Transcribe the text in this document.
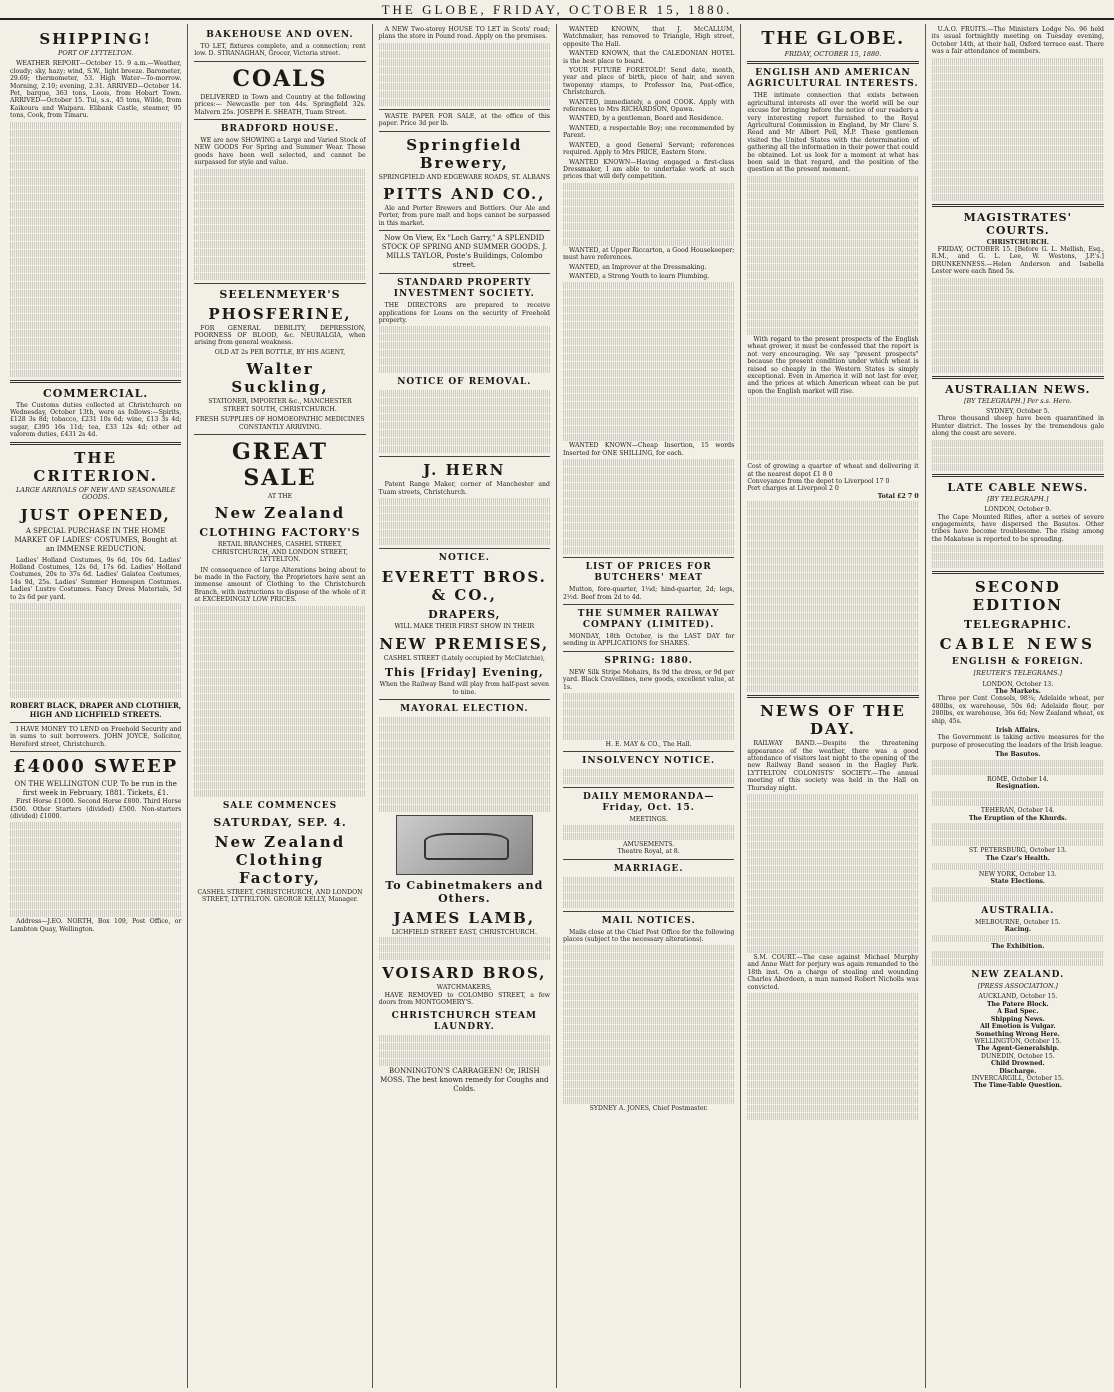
THE GLOBE, FRIDAY, OCTOBER 15, 1880.
SHIPPING!
PORT OF LYTTELTON.

WEATHER REPORT—October 15. 9 a.m.—Weather, cloudy; sky, hazy; wind, S.W., light breeze. Barometer, 29.69; thermometer, 53. High Water—To-morrow. Morning, 2.10; evening, 2.31. ARRIVED—October 14. Pet, barque, 363 tons, Loois, from Hobart Town. ARRIVED—October 15. Tui, s.s., 45 tons, Wilde, from Kaikoura and Waipara. Elibank Castle, steamer, 95 tons, Cook, from Timaru.

COMMERCIAL.

The Customs duties collected at Christchurch on Wednesday, October 13th, were as follows:—Spirits, £128 3s 8d; tobacco, £231 10s 6d; wine, £13 3s 4d; sugar, £395 16s 11d; tea, £33 12s 4d; other ad valorem duties, £431 2s 4d.

THE CRITERION.
LARGE ARRIVALS OF NEW AND SEASONABLE GOODS.
JUST OPENED,
A SPECIAL PURCHASE IN THE HOME MARKET OF LADIES' COSTUMES, Bought at an IMMENSE REDUCTION.

Ladies' Holland Costumes, 9s 6d, 10s 6d. Ladies' Holland Costumes, 12s 6d, 17s 6d. Ladies' Holland Costumes, 20s to 37s 6d. Ladies' Galatea Costumes, 14s 9d, 25s. Ladies' Summer Homespun Costumes. Ladies' Lustre Costumes. Fancy Dress Materials, 5d to 2s 6d per yard.

ROBERT BLACK, DRAPER AND CLOTHIER, HIGH AND LICHFIELD STREETS.

I HAVE MONEY TO LEND on Freehold Security and in sums to suit borrowers. JOHN JOYCE, Solicitor, Hereford street, Christchurch.

£4000 SWEEP
ON THE WELLINGTON CUP, To be run in the first week in February, 1881. Tickets, £1.

First Horse £1000. Second Horse £800. Third Horse £500. Other Starters (divided) £500. Non-starters (divided) £1000.

Address—J.EO. NORTH, Box 109, Post Office, or Lambton Quay, Wellington.

BAKEHOUSE AND OVEN.

TO LET, fixtures complete, and a connection; rent low. D. STRANAGHAN, Grocer, Victoria street.

COALS

DELIVERED in Town and Country at the following prices:— Newcastle per ton 44s. Springfield 32s. Malvern 25s. JOSEPH E. SHEATH, Tuam Street.

BRADFORD HOUSE.

WE are now SHOWING a Large and Varied Stock of NEW GOODS For Spring and Summer Wear. Those goods have been well selected, and cannot be surpassed for style and value.

SEELENMEYER'S
PHOSFERINE,

FOR GENERAL DEBILITY, DEPRESSION, POORNESS OF BLOOD, &c. NEURALGIA, when arising from general weakness.

OLD AT 2s PER BOTTLE, BY HIS AGENT,
Walter Suckling,
STATIONER, IMPORTER &c., MANCHESTER STREET SOUTH, CHRISTCHURCH.
FRESH SUPPLIES OF HOMOEOPATHIC MEDICINES CONSTANTLY ARRIVING.
GREAT SALE
AT THE
New Zealand
CLOTHING FACTORY'S
RETAIL BRANCHES, CASHEL STREET, CHRISTCHURCH, AND LONDON STREET, LYTTELTON.

IN consequence of large Alterations being about to be made in the Factory, the Proprietors have sent an immense amount of Clothing to the Christchurch Branch, with instructions to dispose of the whole of it at EXCEEDINGLY LOW PRICES.

SALE COMMENCES
SATURDAY, SEP. 4.
New Zealand Clothing Factory,
CASHEL STREET, CHRISTCHURCH, AND LONDON STREET, LYTTELTON. GEORGE KELLY, Manager.

A NEW Two-storey HOUSE TO LET in Scots' road; plans the store in Pound road. Apply on the premises.

WASTE PAPER FOR SALE, at the office of this paper. Price 3d per lb.

Springfield Brewery,
SPRINGFIELD AND EDGEWARE ROADS, ST. ALBANS
PITTS AND CO.,

Ale and Porter Brewers and Bottlers. Our Ale and Porter, from pure malt and hops cannot be surpassed in this market.

Now On View, Ex "Loch Garry," A SPLENDID STOCK OF SPRING AND SUMMER GOODS. J. MILLS TAYLOR, Poste's Buildings, Colombo street.
STANDARD PROPERTY INVESTMENT SOCIETY.

THE DIRECTORS are prepared to receive applications for Loans on the security of Freehold property.

NOTICE OF REMOVAL.
J. HERN

Patent Range Maker, corner of Manchester and Tuam streets, Christchurch.

NOTICE.
EVERETT BROS. & CO.,
DRAPERS,
WILL MAKE THEIR FIRST SHOW IN THEIR
NEW PREMISES,
CASHEL STREET (Lately occupied by McClatchie),
This [Friday] Evening,
When the Railway Band will play from half-past seven to nine.
MAYORAL ELECTION.
To Cabinetmakers and Others.
JAMES LAMB,
LICHFIELD STREET EAST, CHRISTCHURCH.
VOISARD BROS,
WATCHMAKERS,

HAVE REMOVED to COLOMBO STREET, a few doors from MONTGOMERY'S.

CHRISTCHURCH STEAM LAUNDRY.
BONNINGTON'S CARRAGEEN! Or, IRISH MOSS. The best known remedy for Coughs and Colds.

WANTED KNOWN, that J. McCALLUM, Watchmaker, has removed to Triangle, High street, opposite The Hall.

WANTED KNOWN, that the CALEDONIAN HOTEL is the best place to board.

YOUR FUTURE FORETOLD! Send date, month, year and place of birth, piece of hair, and seven twopenny stamps, to Professor Ina, Post-office, Christchurch.

WANTED, immediately, a good COOK. Apply with references to Mrs RICHARDSON, Opawa.

WANTED, by a gentleman, Board and Residence.

WANTED, a respectable Boy; one recommended by Parent.

WANTED, a good General Servant; references required. Apply to Mrs PRICE, Eastern Store.

WANTED KNOWN—Having engaged a first-class Dressmaker, I am able to undertake work at such prices that will defy competition.

WANTED, at Upper Riccarton, a Good Housekeeper; must have references.

WANTED, an Improver at the Dressmaking.

WANTED, a Strong Youth to learn Plumbing.

WANTED KNOWN—Cheap Insertion, 15 words Inserted for ONE SHILLING, for each.

LIST OF PRICES FOR BUTCHERS' MEAT

Mutton, fore-quarter, 1¼d; hind-quarter, 2d; legs, 2½d. Beef from 2d to 4d.

THE SUMMER RAILWAY COMPANY (LIMITED).

MONDAY, 18th October, is the LAST DAY for sending in APPLICATIONS for SHARES.

SPRING: 1880.

NEW Silk Stripe Mohairs, 8s 9d the dress, or 9d per yard. Black Cravellines, new goods, excellent value, at 1s.

H. E. MAY & CO., The Hall.
INSOLVENCY NOTICE.
DAILY MEMORANDA—Friday, Oct. 15.
MEETINGS.
AMUSEMENTS.
Theatre Royal, at 8.
MARRIAGE.
MAIL NOTICES.

Mails close at the Chief Post Office for the following places (subject to the necessary alterations).

SYDNEY A. JONES, Chief Postmaster.
THE GLOBE.
FRIDAY, OCTOBER 15, 1880.
ENGLISH AND AMERICAN AGRICULTURAL INTERESTS.

THE intimate connection that exists between agricultural interests all over the world will be our excuse for bringing before the notice of our readers a very interesting report furnished to the Royal Agricultural Commission in England, by Mr Clare S. Read and Mr Albert Pell, M.P. These gentlemen visited the United States with the determination of gathering all the information in their power that could be obtained. Let us look for a moment at what has been said in that regard, and the position of the question at the present moment.

With regard to the present prospects of the English wheat grower, it must be confessed that the report is not very encouraging. We say "present prospects" because the present condition under which wheat is raised so cheaply in the Western States is simply exceptional. Even in America it will not last for ever, and the prices at which American wheat can be put upon the English market will rise.

Cost of growing a quarter of wheat and delivering it at the nearest depot £1 8 0
Conveyance from the depot to Liverpool 17 0
Port charges at Liverpool 2 0
Total £2 7 0
NEWS OF THE DAY.

RAILWAY BAND.—Despite the threatening appearance of the weather, there was a good attendance of visitors last night to the opening of the new Railway Band season in the Hagley Park. LYTTELTON COLONISTS' SOCIETY.—The annual meeting of this society was held in the Hall on Thursday night.

S.M. COURT.—The case against Michael Murphy and Anne Watt for perjury was again remanded to the 18th inst. On a charge of stealing and wounding Charles Aberdeen, a man named Robert Nicholls was convicted.

U.A.O. FRUITS.—The Ministers Lodge No. 96 held its usual fortnightly meeting on Tuesday evening, October 14th, at their hall, Oxford terrace east. There was a fair attendance of members.

MAGISTRATES' COURTS.
CHRISTCHURCH.

FRIDAY, OCTOBER 15. [Before G. L. Mellish, Esq., R.M., and G. L. Lee, W. Westons, J.P.'s.] DRUNKENNESS.—Helen Anderson and Isabella Lester were each fined 5s.

AUSTRALIAN NEWS.
[BY TELEGRAPH.] Per s.s. Hero.
SYDNEY, October 5.

Three thousand sheep have been quarantined in Hunter district. The losses by the tremendous gale along the coast are severe.

LATE CABLE NEWS.
[BY TELEGRAPH.]
LONDON, October 9.

The Cape Mounted Rifles, after a series of severe engagements, have dispersed the Basutos. Other tribes have become troublesome. The rising among the Makatese is reported to be spreading.

SECOND EDITION
TELEGRAPHIC.
CABLE NEWS
ENGLISH & FOREIGN.
[REUTER'S TELEGRAMS.]
LONDON, October 13.
The Markets.

Three per Cent Consols, 98¼; Adelaide wheat, per 480lbs, ex warehouse, 50s 6d; Adelaide flour, per 280lbs, ex warehouse, 36s 6d; New Zealand wheat, ex ship, 45s.

Irish Affairs.

The Government is taking active measures for the purpose of prosecuting the leaders of the Irish league.

The Basutos.
ROME, October 14.
Resignation.
TEHERAN, October 14.
The Eruption of the Khurds.
ST. PETERSBURG, October 13.
The Czar's Health.
NEW YORK, October 13.
State Elections.
AUSTRALIA.
MELBOURNE, October 15.
Racing.
The Exhibition.
NEW ZEALAND.
[PRESS ASSOCIATION.]
AUCKLAND, October 15.
The Patere Block.
A Bad Spec.
Shipping News.
All Emotion is Vulgar.
Something Wrong Here.
WELLINGTON, October 15.
The Agent-Generalship.
DUNEDIN, October 15.
Child Drowned.
Discharge.
INVERCARGILL, October 15.
The Time-Table Question.
